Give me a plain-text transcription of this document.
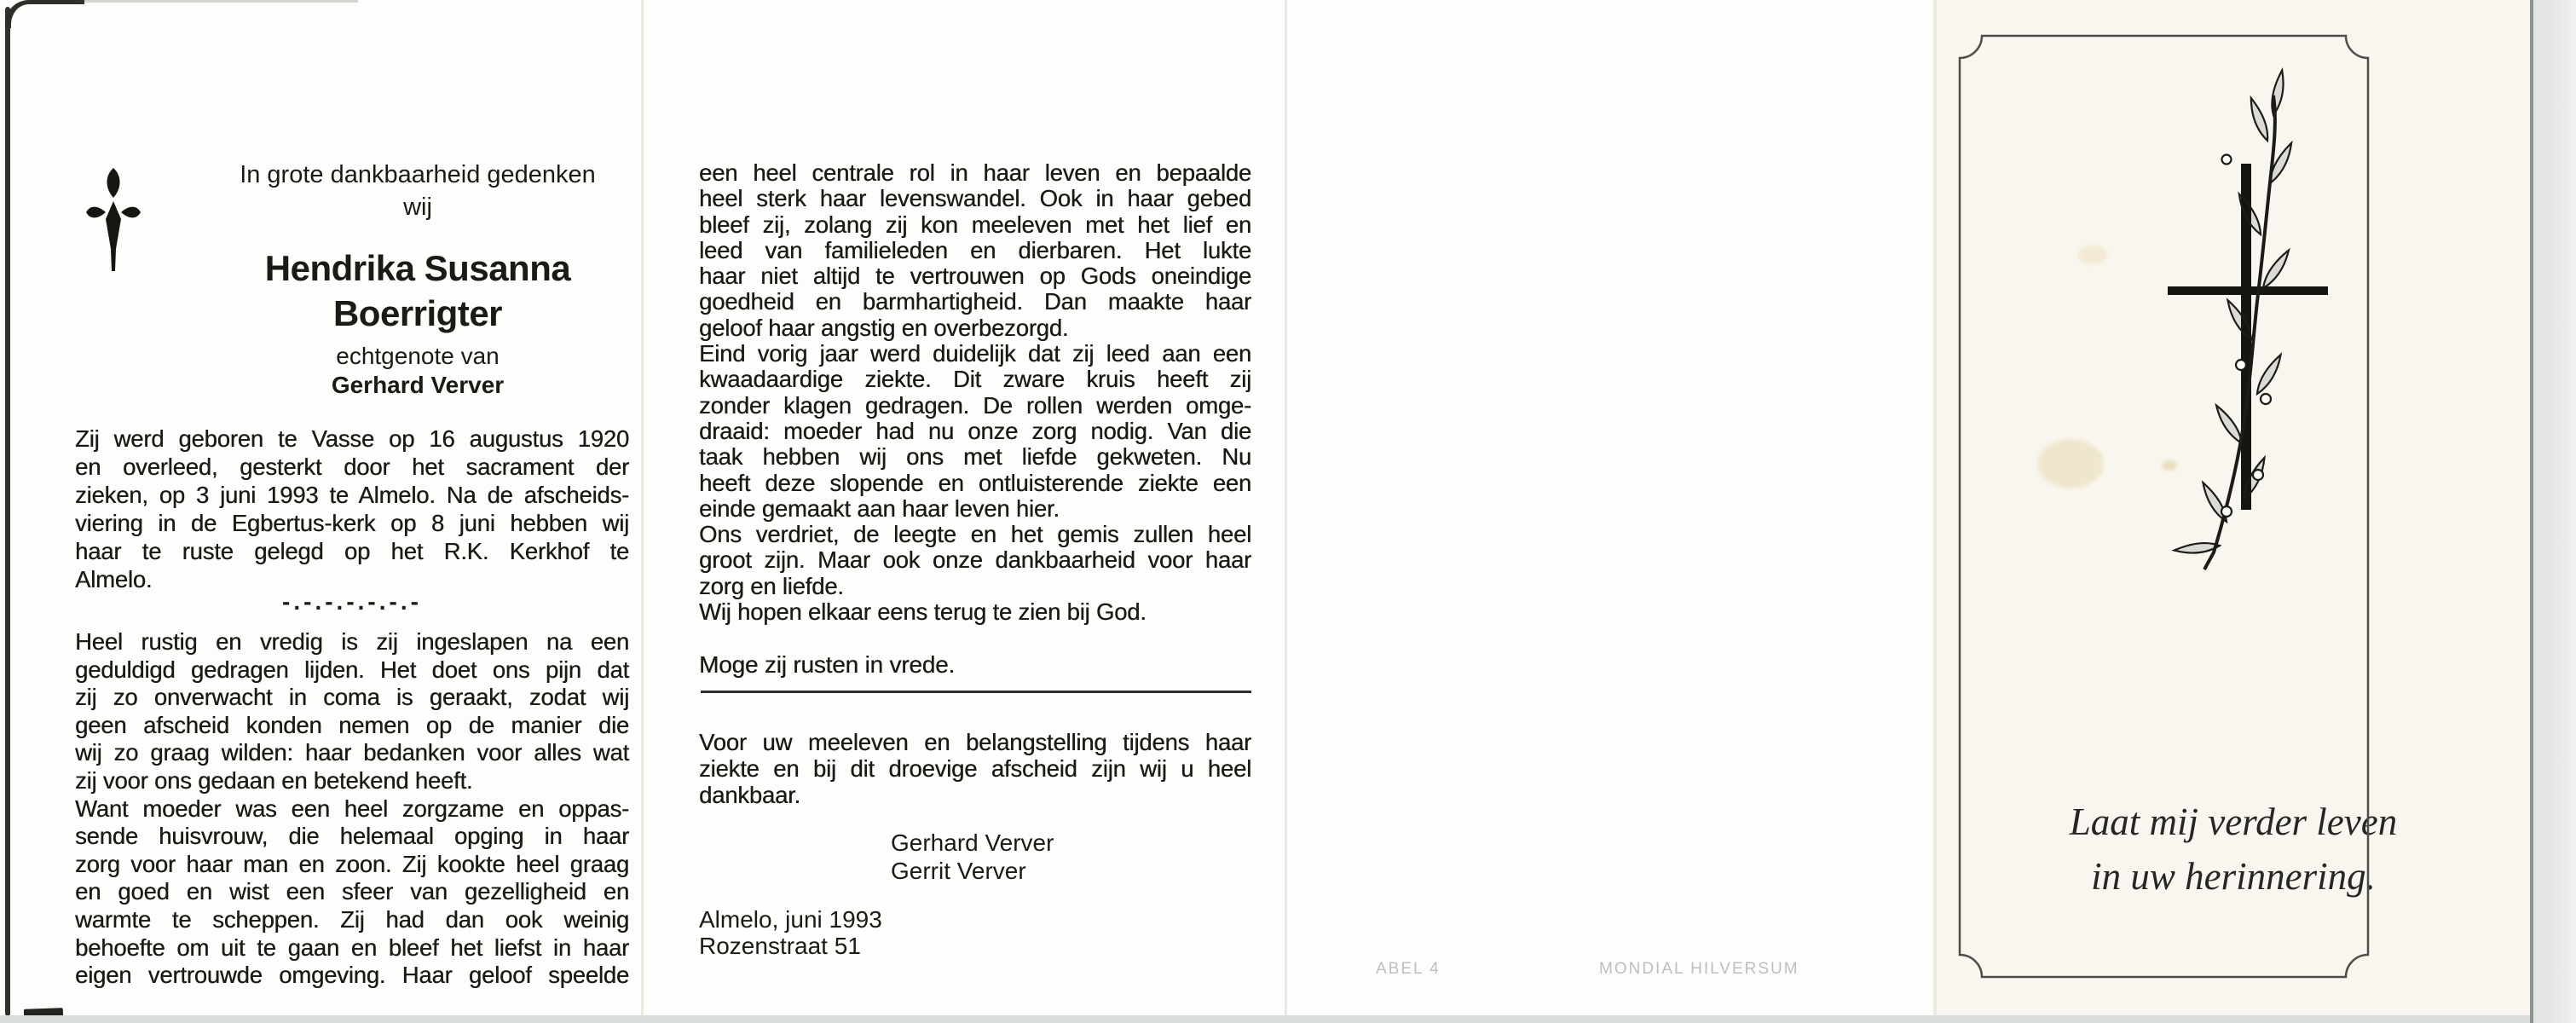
In grote dankbaarheid gedenken
wij
Hendrika Susanna
Boerrigter
echtgenote van
Gerhard Verver
Zij werd geboren te Vasse op 16 augustus 1920
en overleed, gesterkt door het sacrament der
zieken, op 3 juni 1993 te Almelo. Na de afscheids-
viering in de Egbertus-kerk op 8 juni hebben wij
haar te ruste gelegd op het R.K. Kerkhof te
Almelo.
-.-.-.-.-.-.-
Heel rustig en vredig is zij ingeslapen na een
geduldigd gedragen lijden. Het doet ons pijn dat
zij zo onverwacht in coma is geraakt, zodat wij
geen afscheid konden nemen op de manier die
wij zo graag wilden: haar bedanken voor alles wat
zij voor ons gedaan en betekend heeft.
Want moeder was een heel zorgzame en oppas-
sende huisvrouw, die helemaal opging in haar
zorg voor haar man en zoon. Zij kookte heel graag
en goed en wist een sfeer van gezelligheid en
warmte te scheppen. Zij had dan ook weinig
behoefte om uit te gaan en bleef het liefst in haar
eigen vertrouwde omgeving. Haar geloof speelde
een heel centrale rol in haar leven en bepaalde
heel sterk haar levenswandel. Ook in haar gebed
bleef zij, zolang zij kon meeleven met het lief en
leed van familieleden en dierbaren. Het lukte
haar niet altijd te vertrouwen op Gods oneindige
goedheid en barmhartigheid. Dan maakte haar
geloof haar angstig en overbezorgd.
Eind vorig jaar werd duidelijk dat zij leed aan een
kwaadaardige ziekte. Dit zware kruis heeft zij
zonder klagen gedragen. De rollen werden omge-
draaid: moeder had nu onze zorg nodig. Van die
taak hebben wij ons met liefde gekweten. Nu
heeft deze slopende en ontluisterende ziekte een
einde gemaakt aan haar leven hier.
Ons verdriet, de leegte en het gemis zullen heel
groot zijn. Maar ook onze dankbaarheid voor haar
zorg en liefde.
Wij hopen elkaar eens terug te zien bij God.
Moge zij rusten in vrede.
Voor uw meeleven en belangstelling tijdens haar
ziekte en bij dit droevige afscheid zijn wij u heel
dankbaar.
Gerhard Verver
Gerrit Verver
Almelo, juni 1993
Rozenstraat 51
ABEL 4	MONDIAL HILVERSUM
Laat mij verder leven
in uw herinnering.
